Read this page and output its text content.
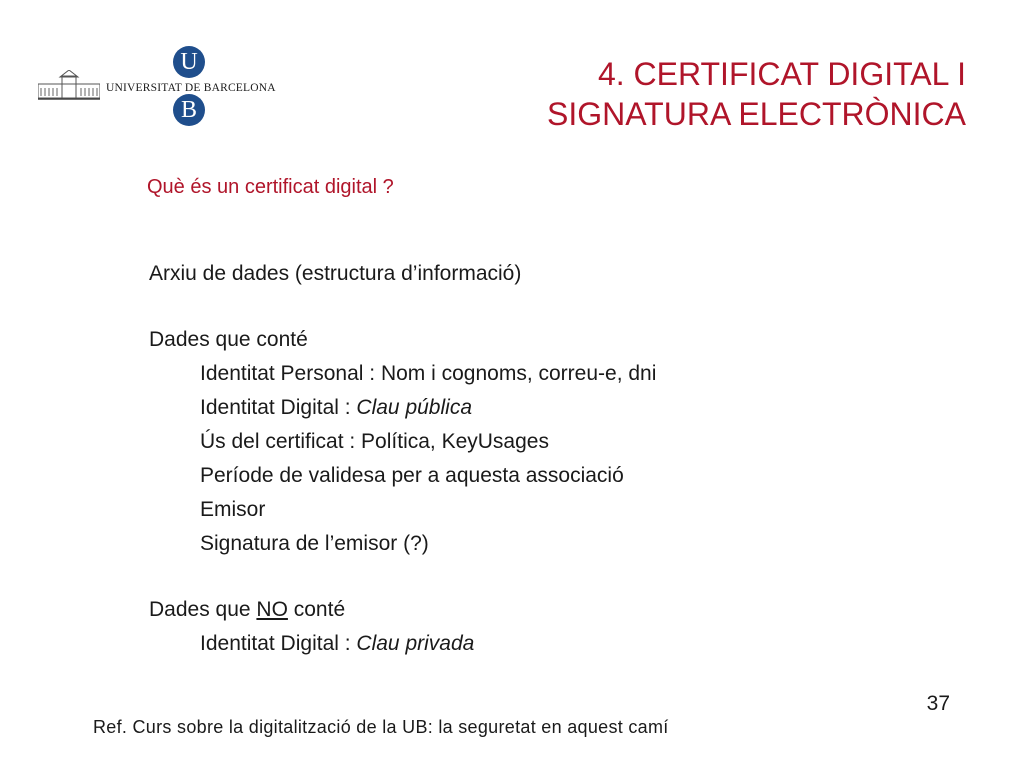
U
UNIVERSITAT DE BARCELONA
B
4. CERTIFICAT DIGITAL I
SIGNATURA ELECTRÒNICA
Què és un certificat digital ?
Arxiu de dades (estructura d’informació)
Dades que conté
Identitat Personal : Nom i cognoms, correu-e, dni
Identitat Digital : Clau pública
Ús del certificat : Política, KeyUsages
Període de validesa per a aquesta associació
Emisor
Signatura de l’emisor (?)
Dades que NO conté
Identitat Digital : Clau privada
37
Ref. Curs sobre la digitalització de la UB: la seguretat en aquest camí
